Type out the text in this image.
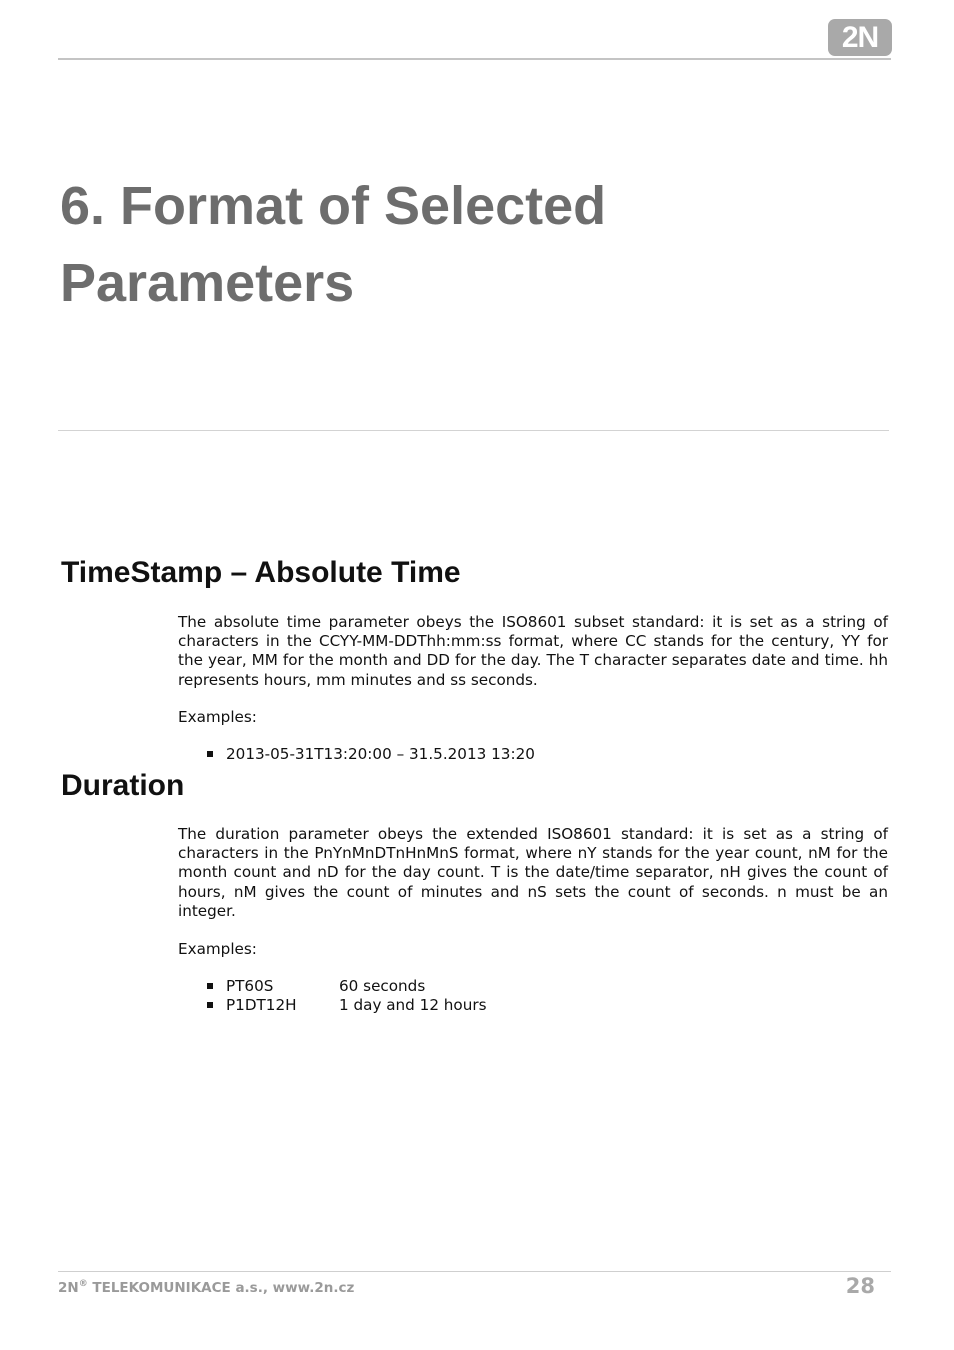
2N
6. Format of Selected Parameters
TimeStamp – Absolute Time

The absolute time parameter obeys the ISO8601 subset standard: it is set as a string of characters in the CCYY-MM-DDThh:mm:ss format, where CC stands for the century, YY for the year, MM for the month and DD for the day. The T character separates date and time. hh represents hours, mm minutes and ss seconds.

Examples:

2013-05-31T13:20:00 – 31.5.2013 13:20
Duration

The duration parameter obeys the extended ISO8601 standard: it is set as a string of characters in the PnYnMnDTnHnMnS format, where nY stands for the year count, nM for the month count and nD for the day count. T is the date/time separator, nH gives the count of hours, nM gives the count of minutes and nS sets the count of seconds. n must be an integer.

Examples:

PT60S	60 seconds
P1DT12H	1 day and 12 hours
2N® TELEKOMUNIKACE a.s., www.2n.cz	28
